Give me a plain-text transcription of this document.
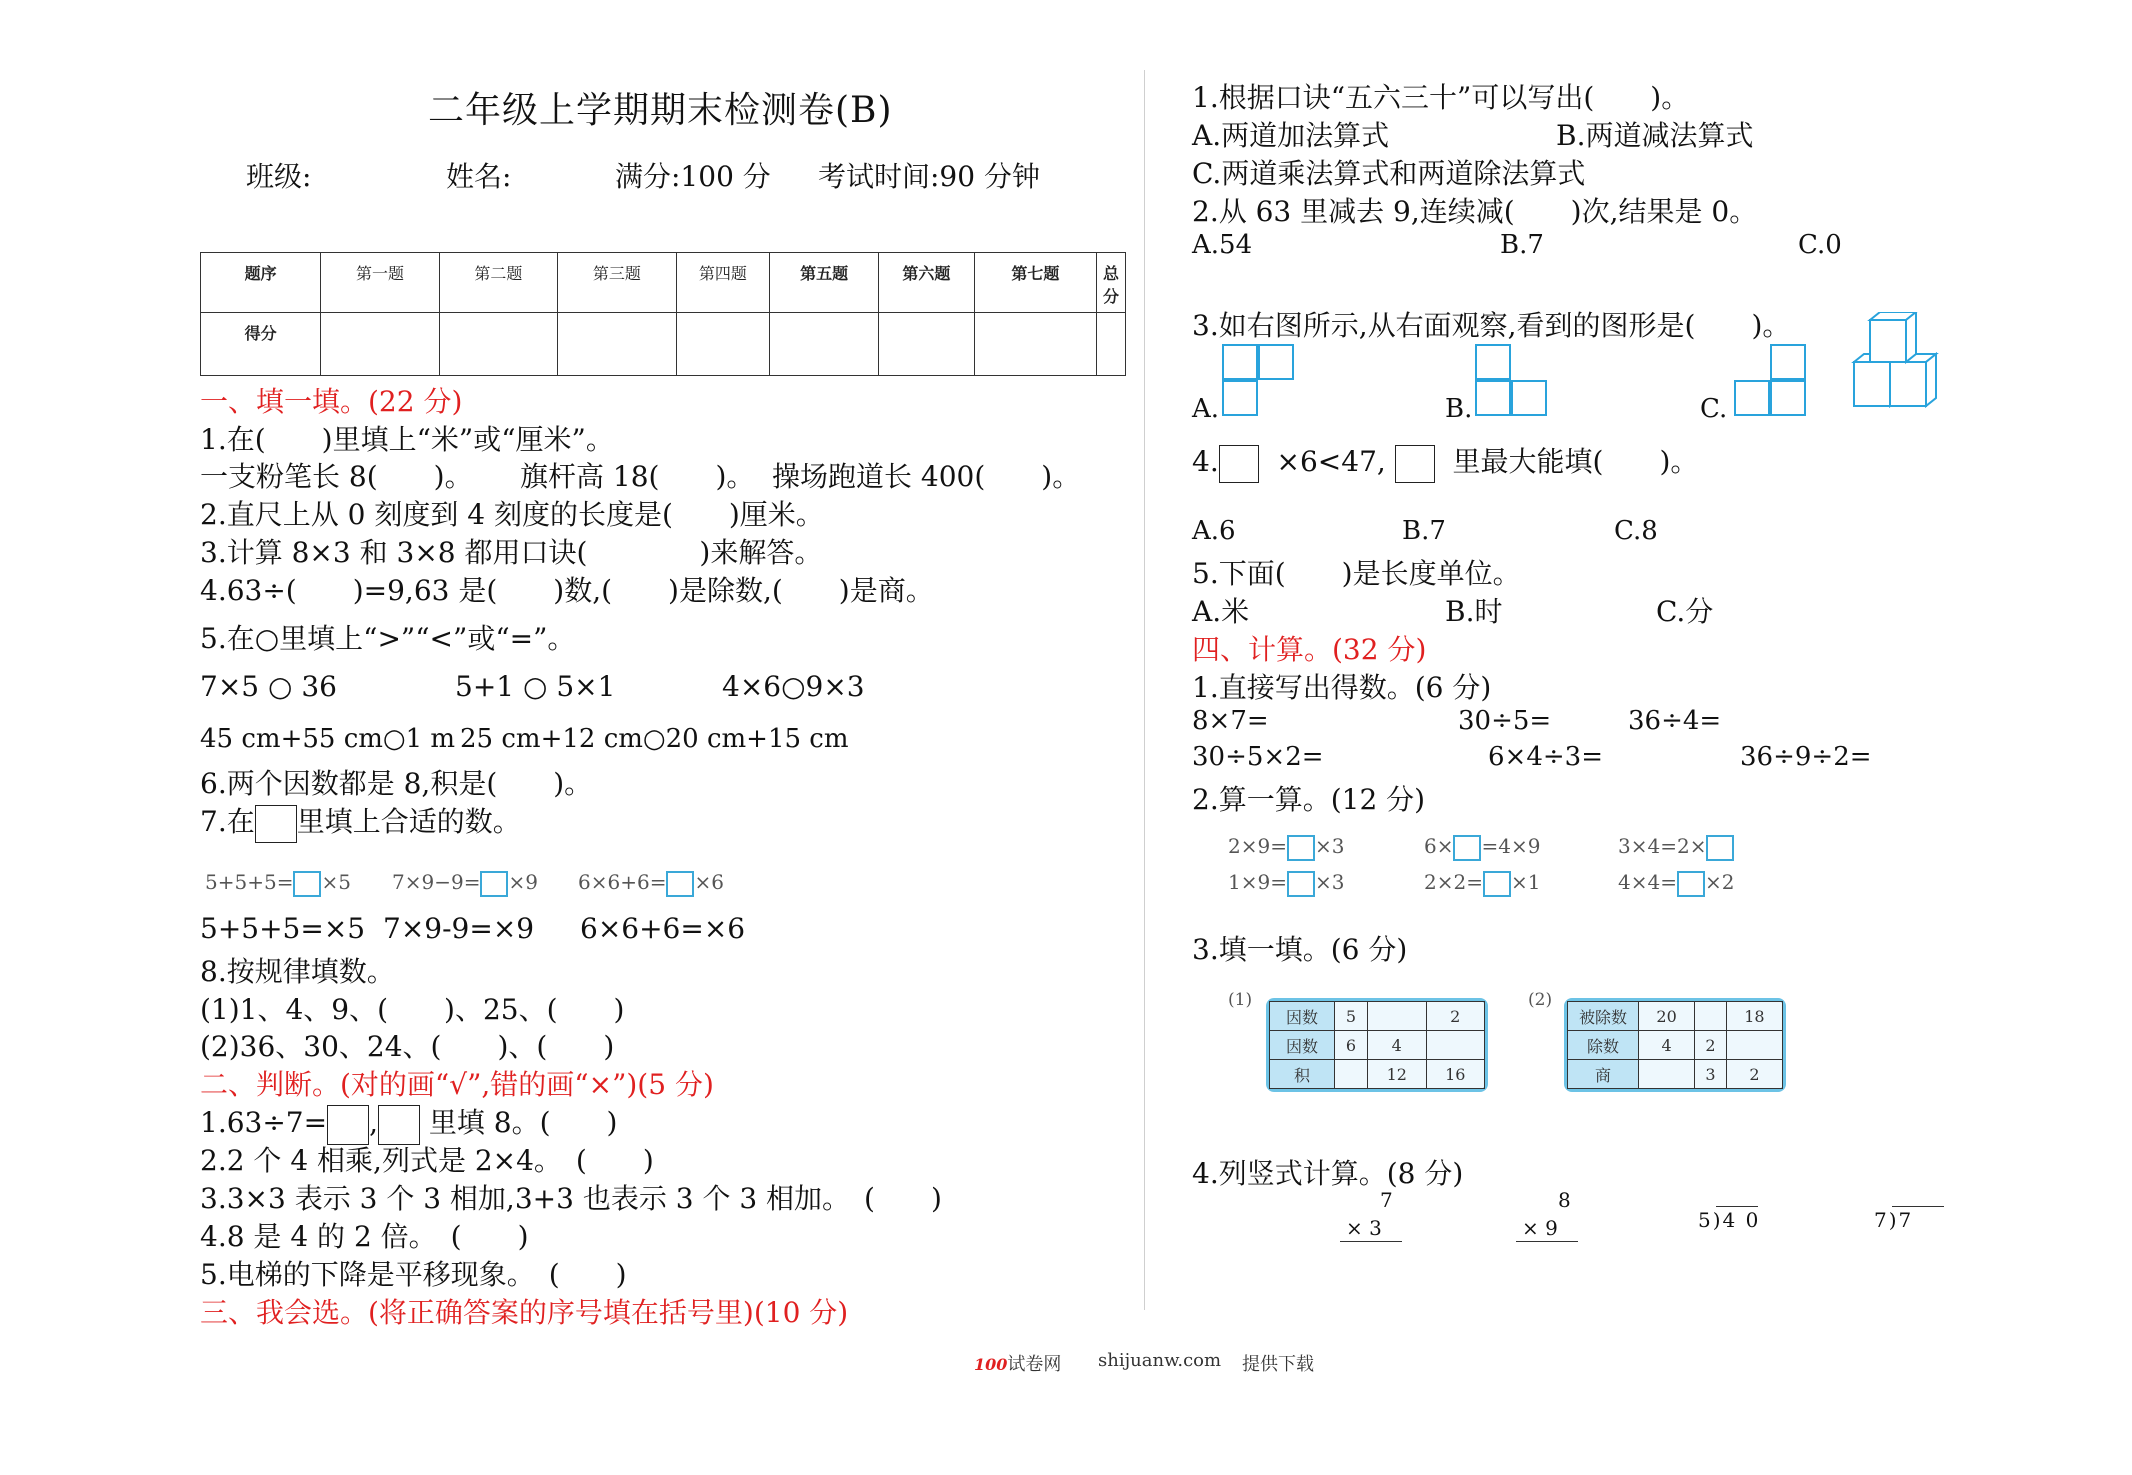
二年级上学期期末检测卷(B)
班级:	姓名:	满分:100 分 考试时间:90 分钟
题序	第一题	第二题	第三题	第四题	第五题	第六题	第七题	总分
得分								
一、填一填。(22 分)
1.在(　　)里填上“米”或“厘米”。
一支粉笔长 8(　　)。 旗杆高 18(　　)。 操场跑道长 400(　　)。
2.直尺上从 0 刻度到 4 刻度的长度是(　　)厘米。
3.计算 8×3 和 3×8 都用口诀(　　　　)来解答。
4.63÷(　　)=9,63 是(　　)数,(　　)是除数,(　　)是商。
5.在○里填上“>”“<”或“=”。
7×5 ○ 36	5+1 ○ 5×1	4×6○9×3
45 cm+55 cm○1 m 25 cm+12 cm○20 cm+15 cm
6.两个因数都是 8,积是(　　)。
7.在 里填上合适的数。
5+5+5= ×5 7×9−9= ×9 6×6+6= ×6
5+5+5=×5 7×9-9=×9 6×6+6=×6
8.按规律填数。
(1)1、4、9、(　　)、25、(　　)
(2)36、30、24、(　　)、(　　)
二、判断。(对的画“√”,错的画“×”)(5 分)
1.63÷7= , 里填 8。(　　)
2.2 个 4 相乘,列式是 2×4。　(　　)
3.3×3 表示 3 个 3 相加,3+3 也表示 3 个 3 相加。　(　　)
4.8 是 4 的 2 倍。　(　　)
5.电梯的下降是平移现象。　(　　)
三、我会选。(将正确答案的序号填在括号里)(10 分)
1.根据口诀“五六三十”可以写出(　　)。
A.两道加法算式	B.两道减法算式
C.两道乘法算式和两道除法算式
2.从 63 里减去 9,连续减(　　)次,结果是 0。
A.54	B.7	C.0
3.如右图所示,从右面观察,看到的图形是(　　)。
A.	B.	C.
4. ×6<47, 里最大能填(　　)。
A.6	B.7	C.8
5.下面(　　)是长度单位。
A.米	B.时	C.分
四、计算。(32 分)
1.直接写出得数。(6 分)
8×7=	30÷5=	36÷4=
30÷5×2=	6×4÷3=	36÷9÷2=
2.算一算。(12 分)
2×9= ×3	6× =4×9	3×4=2×
1×9= ×3	2×2= ×1	4×4= ×2
3.填一填。(6 分)
(1)
因数	5		2
因数	6	4	
积		12	16
(2)
被除数	20		18
除数	4	2	
商		3	2
4.列竖式计算。(8 分)
7
× 3
8
× 9	5)4 0	7)7
100试卷网 shijuanw.com 提供下载
